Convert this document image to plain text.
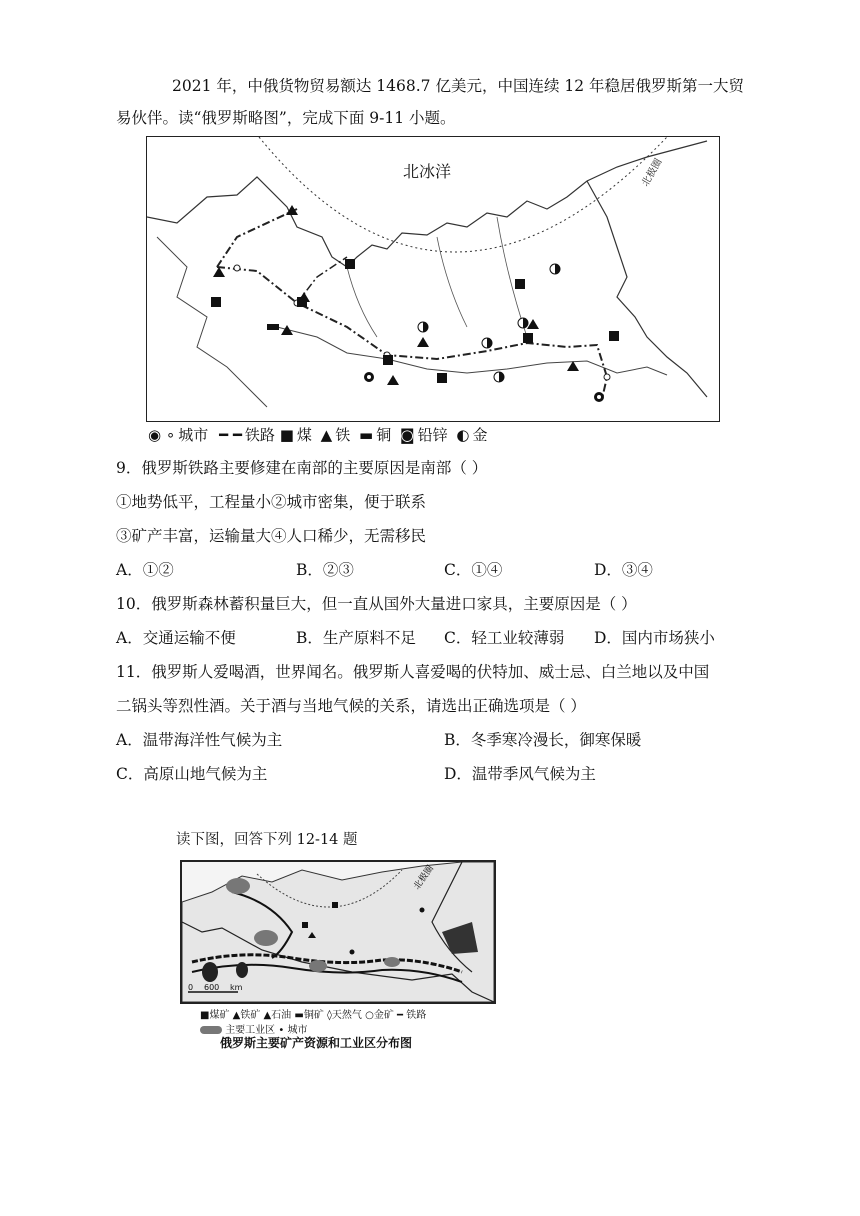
2021 年，中俄货物贸易额达 1468.7 亿美元，中国连续 12 年稳居俄罗斯第一大贸
易伙伴。读“俄罗斯略图”，完成下面 9-11 小题。
北冰洋	北极圈
◉ ∘ 城市 ━ ━ 铁路 ■ 煤 ▲ 铁 ▬ 铜 ◙ 铅锌 ◐ 金
9．俄罗斯铁路主要修建在南部的主要原因是南部（ ）
①地势低平，工程量小②城市密集，便于联系
③矿产丰富，运输量大④人口稀少，无需移民
A．①②	B．②③	C．①④	D．③④
10．俄罗斯森林蓄积量巨大，但一直从国外大量进口家具，主要原因是（ ）
A．交通运输不便	B．生产原料不足 C．轻工业较薄弱 D．国内市场狭小
11．俄罗斯人爱喝酒，世界闻名。俄罗斯人喜爱喝的伏特加、威士忌、白兰地以及中国
二锅头等烈性酒。关于酒与当地气候的关系，请选出正确选项是（ ）
A．温带海洋性气候为主	B．冬季寒冷漫长，御寒保暖
C．高原山地气候为主	D．温带季风气候为主
读下图，回答下列 12-14 题
0 600 km
北极圈
■煤矿 ▲铁矿 ▲石油 ▬铜矿 ◊天然气 ○金矿 ━ 铁路
主要工业区 • 城市
俄罗斯主要矿产资源和工业区分布图
